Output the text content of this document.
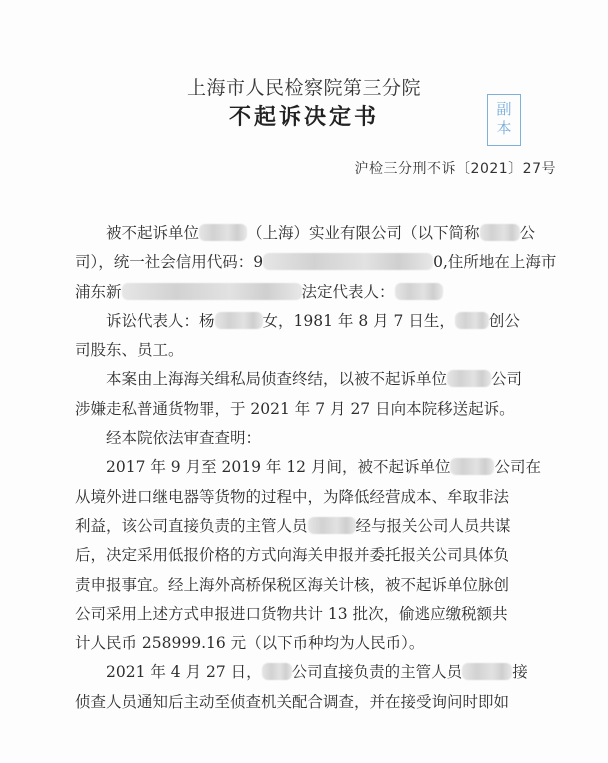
上海市人民检察院第三分院
不起诉决定书	副
本
沪检三分刑不诉〔2021〕27号
被不起诉单位	（上海）实业有限公司（以下简称	公
司），统一社会信用代码：9	0,住所地在上海市
浦东新	法定代表人：
诉讼代表人：杨	女，1981 年 8 月 7 日生， 创公
司股东、员工。
本案由上海海关缉私局侦查终结，以被不起诉单位	公司
涉嫌走私普通货物罪，于 2021 年 7 月 27 日向本院移送起诉。
经本院依法审查查明：
2017 年 9 月至 2019 年 12 月间，被不起诉单位	公司在
从境外进口继电器等货物的过程中，为降低经营成本、牟取非法
利益，该公司直接负责的主管人员	经与报关公司人员共谋
后，决定采用低报价格的方式向海关申报并委托报关公司具体负
责申报事宜。经上海外高桥保税区海关计核，被不起诉单位脉创
公司采用上述方式申报进口货物共计 13 批次，偷逃应缴税额共
计人民币 258999.16 元（以下币种均为人民币）。
2021 年 4 月 27 日， 公司直接负责的主管人员	接
侦查人员通知后主动至侦查机关配合调查，并在接受询问时即如
